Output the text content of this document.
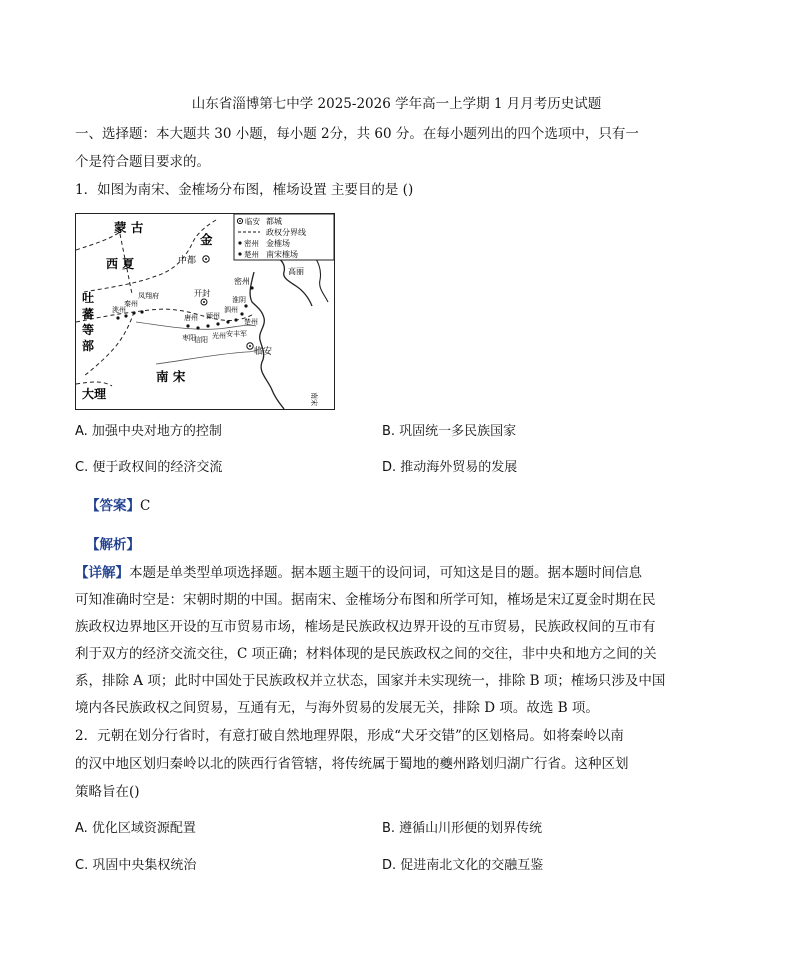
山东省淄博第七中学 2025-2026 学年高一上学期 1 月月考历史试题
一、选择题：本大题共 30 小题，每小题 2分，共 60 分。在每小题列出的四个选项中，只有一
个是符合题目要求的。
1．如图为南宋、金榷场分布图，榷场设置 主要目的是 ()
临安 都城
政权分界线
密州 金榷场
楚州 南宋榷场
蒙 古
金
西 夏
吐
蕃
等
部
南 宋
大理
高丽
南宋
中都
开封
临安
凤翔府
秦州
洮州
唐州
枣阳
信阳
颍州
光州 安丰军
泗州
楚州
淮阴
密州
A. 加强中央对地方的控制	B. 巩固统一多民族国家
C. 便于政权间的经济交流	D. 推动海外贸易的发展
【答案】C
【解析】
【详解】本题是单类型单项选择题。据本题主题干的设问词，可知这是目的题。据本题时间信息
可知准确时空是：宋朝时期的中国。据南宋、金榷场分布图和所学可知，榷场是宋辽夏金时期在民
族政权边界地区开设的互市贸易市场，榷场是民族政权边界开设的互市贸易，民族政权间的互市有
利于双方的经济交流交往，C 项正确；材料体现的是民族政权之间的交往，非中央和地方之间的关
系，排除 A 项；此时中国处于民族政权并立状态，国家并未实现统一，排除 B 项；榷场只涉及中国
境内各民族政权之间贸易，互通有无，与海外贸易的发展无关，排除 D 项。故选 B 项。
2．元朝在划分行省时，有意打破自然地理界限，形成“犬牙交错”的区划格局。如将秦岭以南
的汉中地区划归秦岭以北的陕西行省管辖，将传统属于蜀地的夔州路划归湖广行省。这种区划
策略旨在()
A. 优化区域资源配置	B. 遵循山川形便的划界传统
C. 巩固中央集权统治	D. 促进南北文化的交融互鉴
